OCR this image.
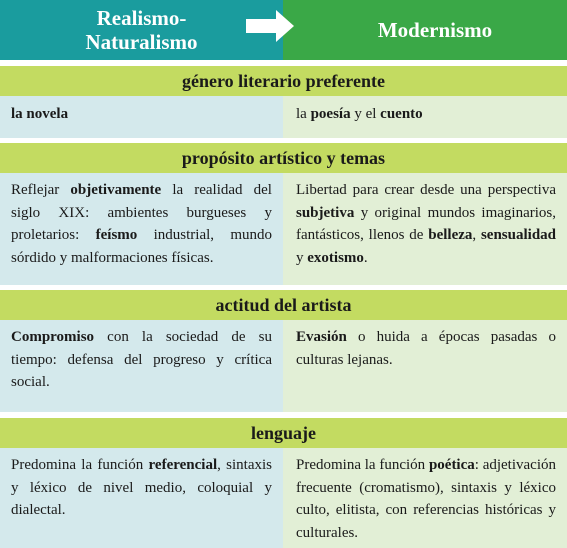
Realismo-
Naturalismo
Modernismo
género literario preferente
la novela	la poesía y el cuento
propósito artístico y temas
Reflejar objetivamente la realidad del siglo XIX: ambientes burgueses y proletarios: feísmo industrial, mundo sórdido y malformaciones físicas.
Libertad para crear desde una perspectiva subjetiva y original mundos imaginarios, fantásticos, llenos de belleza, sensualidad y exotismo.
actitud del artista
Compromiso con la sociedad de su tiempo: defensa del progreso y crítica social.
Evasión o huida a épocas pasadas o culturas lejanas.
lenguaje
Predomina la función referencial, sintaxis y léxico de nivel medio, coloquial y dialectal.
Predomina la función poética: adjetivación frecuente (cromatismo), sintaxis y léxico culto, elitista, con referencias históricas y culturales.
